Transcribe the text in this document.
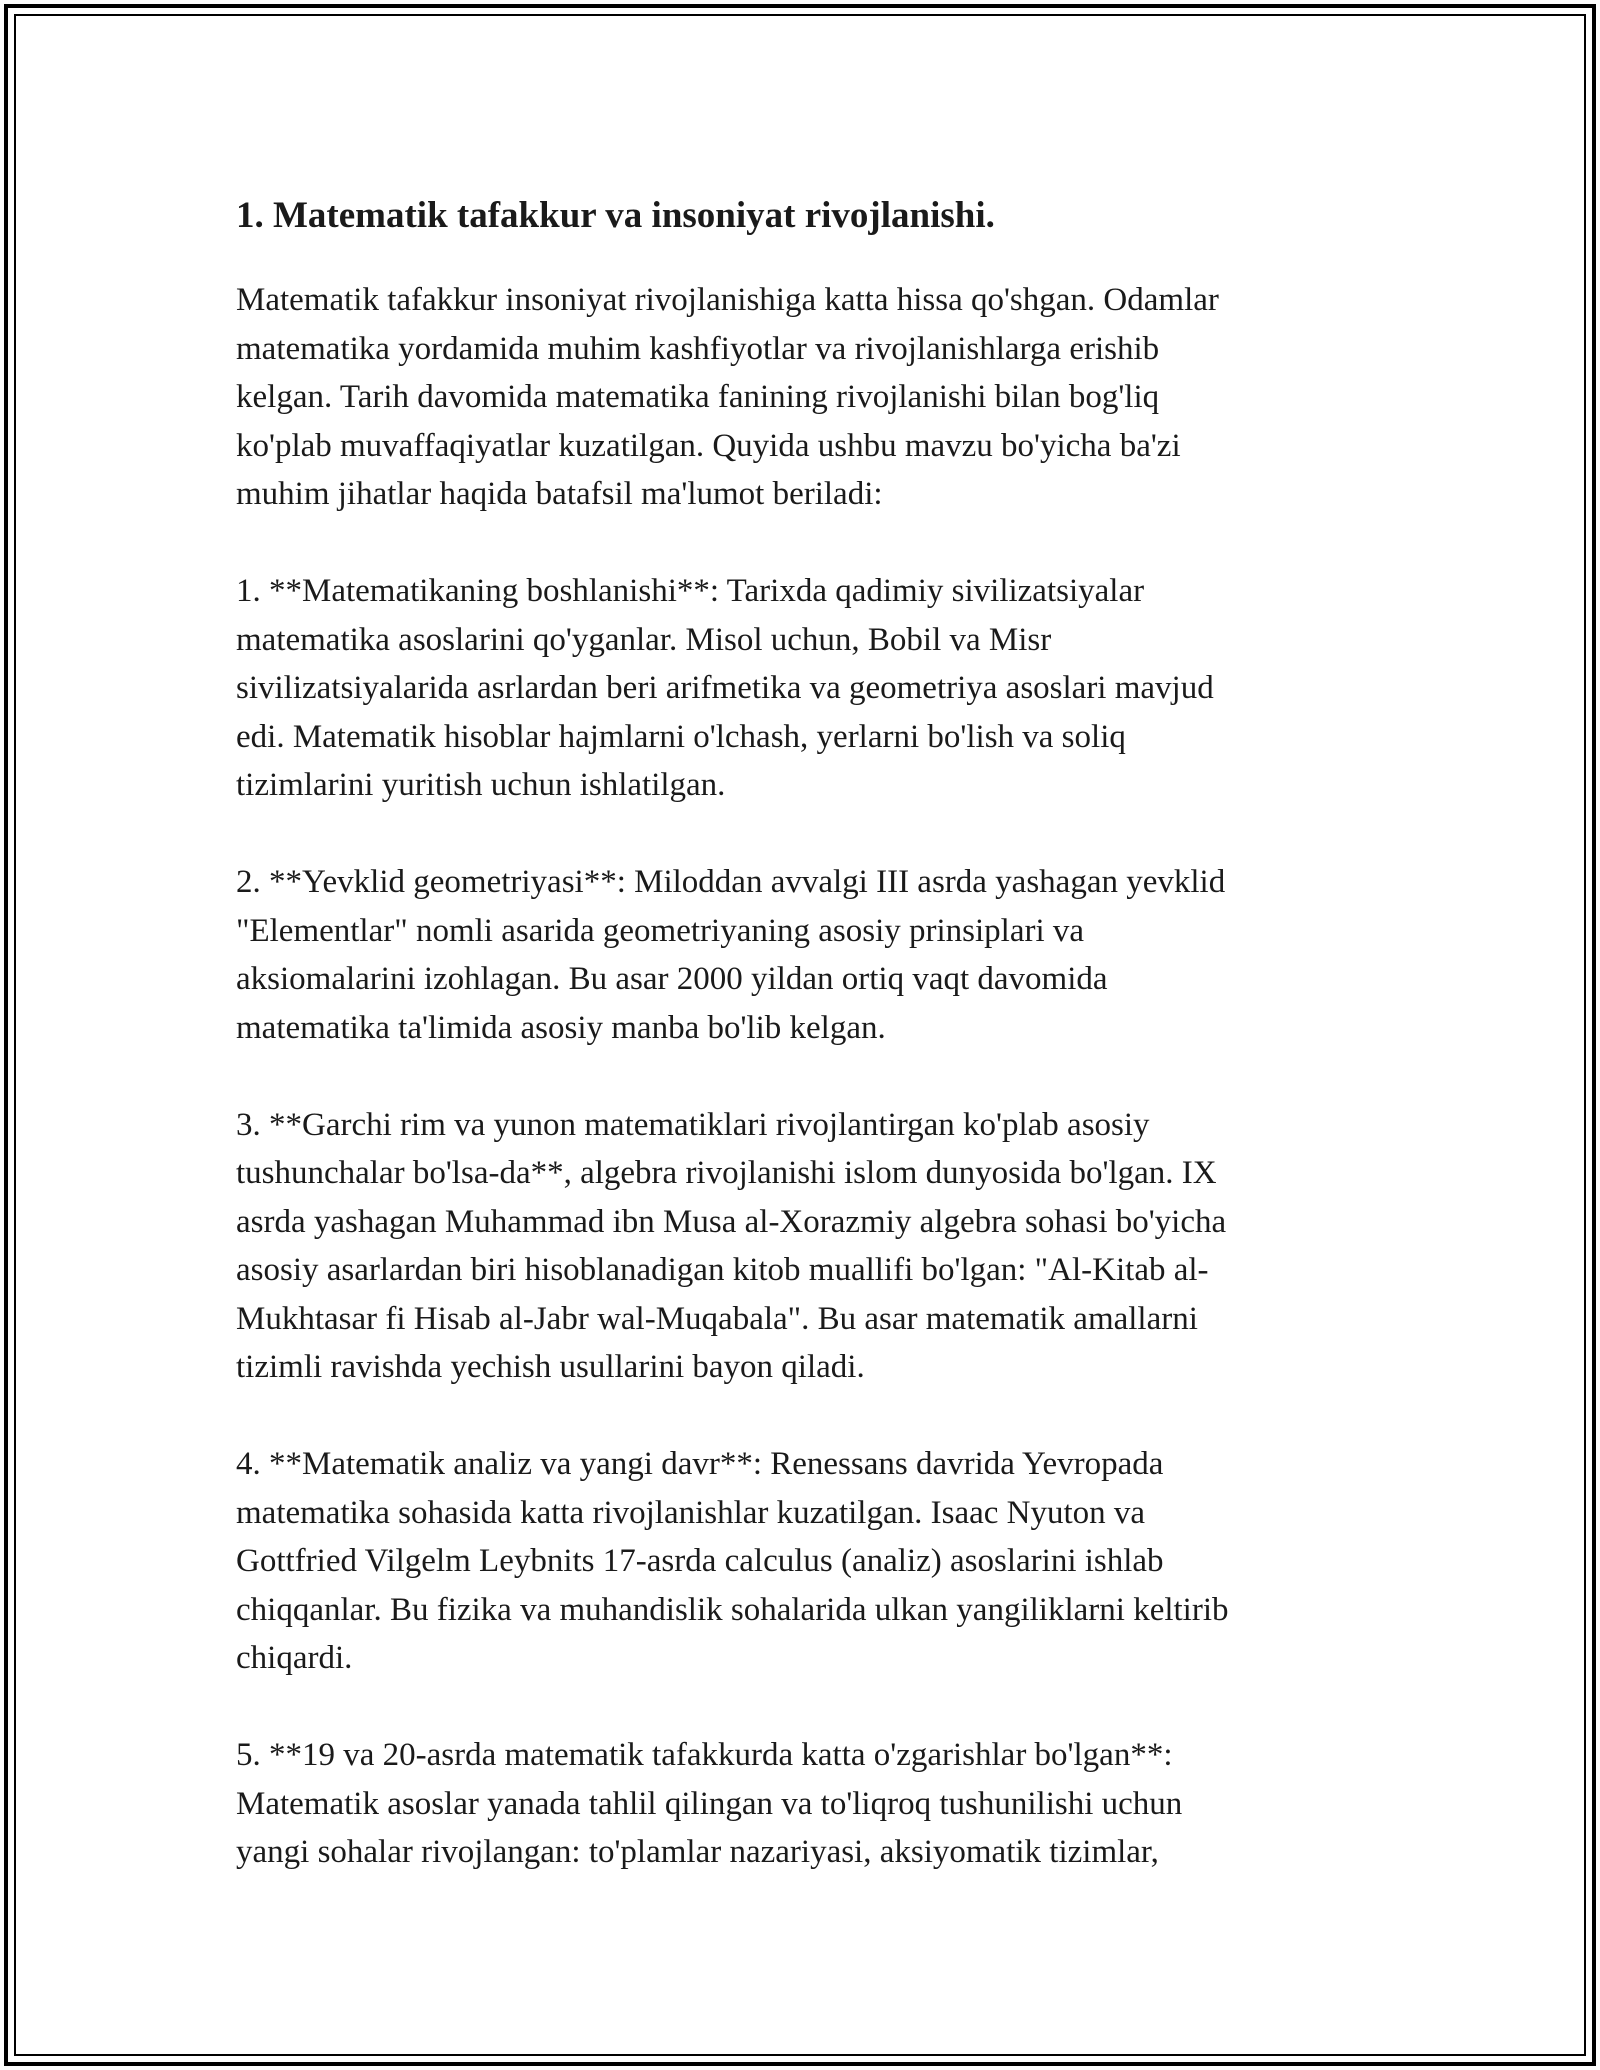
1. Matematik tafakkur va insoniyat rivojlanishi.

Matematik tafakkur insoniyat rivojlanishiga katta hissa qo'shgan. Odamlar
matematika yordamida muhim kashfiyotlar va rivojlanishlarga erishib
kelgan. Tarih davomida matematika fanining rivojlanishi bilan bog'liq
ko'plab muvaffaqiyatlar kuzatilgan. Quyida ushbu mavzu bo'yicha ba'zi
muhim jihatlar haqida batafsil ma'lumot beriladi:

1. **Matematikaning boshlanishi**: Tarixda qadimiy sivilizatsiyalar
matematika asoslarini qo'yganlar. Misol uchun, Bobil va Misr
sivilizatsiyalarida asrlardan beri arifmetika va geometriya asoslari mavjud
edi. Matematik hisoblar hajmlarni o'lchash, yerlarni bo'lish va soliq
tizimlarini yuritish uchun ishlatilgan.

2. **Yevklid geometriyasi**: Miloddan avvalgi III asrda yashagan yevklid
"Elementlar" nomli asarida geometriyaning asosiy prinsiplari va
aksiomalarini izohlagan. Bu asar 2000 yildan ortiq vaqt davomida
matematika ta'limida asosiy manba bo'lib kelgan.

3. **Garchi rim va yunon matematiklari rivojlantirgan ko'plab asosiy
tushunchalar bo'lsa-da**, algebra rivojlanishi islom dunyosida bo'lgan. IX
asrda yashagan Muhammad ibn Musa al-Xorazmiy algebra sohasi bo'yicha
asosiy asarlardan biri hisoblanadigan kitob muallifi bo'lgan: "Al-Kitab al-
Mukhtasar fi Hisab al-Jabr wal-Muqabala". Bu asar matematik amallarni
tizimli ravishda yechish usullarini bayon qiladi.

4. **Matematik analiz va yangi davr**: Renessans davrida Yevropada
matematika sohasida katta rivojlanishlar kuzatilgan. Isaac Nyuton va
Gottfried Vilgelm Leybnits 17-asrda calculus (analiz) asoslarini ishlab
chiqqanlar. Bu fizika va muhandislik sohalarida ulkan yangiliklarni keltirib
chiqardi.

5. **19 va 20-asrda matematik tafakkurda katta o'zgarishlar bo'lgan**:
Matematik asoslar yanada tahlil qilingan va to'liqroq tushunilishi uchun
yangi sohalar rivojlangan: to'plamlar nazariyasi, aksiyomatik tizimlar,
